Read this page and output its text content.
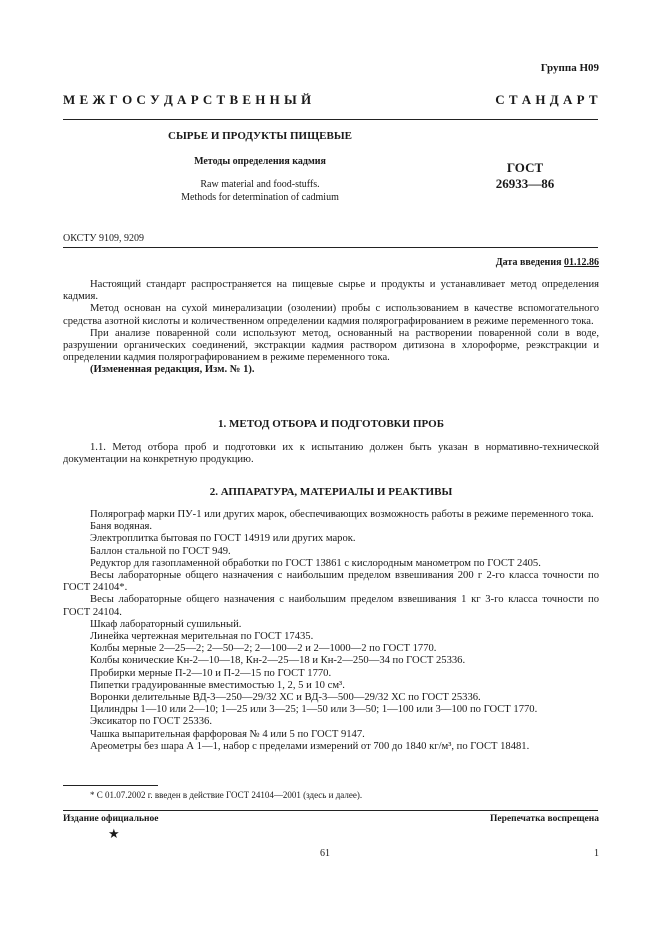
Группа Н09
М Е Ж Г О С У Д А Р С Т В Е Н Н Ы Й	С Т А Н Д А Р Т
СЫРЬЕ И ПРОДУКТЫ ПИЩЕВЫЕ
Методы определения кадмия
Raw material and food-stuffs.
Methods for determination of cadmium
ГОСТ
26933—86
ОКСТУ 9109, 9209
Дата введения 01.12.86

Настоящий стандарт распространяется на пищевые сырье и продукты и устанавливает метод определения кадмия.

Метод основан на сухой минерализации (озолении) пробы с использованием в качестве вспомогательного средства азотной кислоты и количественном определении кадмия полярографированием в режиме переменного тока.

При анализе поваренной соли используют метод, основанный на растворении поваренной соли в воде, разрушении органических соединений, экстракции кадмия раствором дитизона в хлороформе, реэкстракции и определении кадмия полярографированием в режиме переменного тока.

(Измененная редакция, Изм. № 1).

1. МЕТОД ОТБОРА И ПОДГОТОВКИ ПРОБ

1.1. Метод отбора проб и подготовки их к испытанию должен быть указан в нормативно-технической документации на конкретную продукцию.

2. АППАРАТУРА, МАТЕРИАЛЫ И РЕАКТИВЫ

Полярограф марки ПУ-1 или других марок, обеспечивающих возможность работы в режиме переменного тока.

Баня водяная.

Электроплитка бытовая по ГОСТ 14919 или других марок.

Баллон стальной по ГОСТ 949.

Редуктор для газопламенной обработки по ГОСТ 13861 с кислородным манометром по ГОСТ 2405.

Весы лабораторные общего назначения с наибольшим пределом взвешивания 200 г 2-го класса точности по ГОСТ 24104*.

Весы лабораторные общего назначения с наибольшим пределом взвешивания 1 кг 3-го класса точности по ГОСТ 24104.

Шкаф лабораторный сушильный.

Линейка чертежная мерительная по ГОСТ 17435.

Колбы мерные 2—25—2; 2—50—2; 2—100—2 и 2—1000—2 по ГОСТ 1770.

Колбы конические Кн-2—10—18, Кн-2—25—18 и Кн-2—250—34 по ГОСТ 25336.

Пробирки мерные П-2—10 и П-2—15 по ГОСТ 1770.

Пипетки градуированные вместимостью 1, 2, 5 и 10 см³.

Воронки делительные ВД-3—250—29/32 ХС и ВД-3—500—29/32 ХС по ГОСТ 25336.

Цилиндры 1—10 или 2—10; 1—25 или 3—25; 1—50 или 3—50; 1—100 или 3—100 по ГОСТ 1770.

Эксикатор по ГОСТ 25336.

Чашка выпарительная фарфоровая № 4 или 5 по ГОСТ 9147.

Ареометры без шара А 1—1, набор с пределами измерений от 700 до 1840 кг/м³, по ГОСТ 18481.

* С 01.07.2002 г. введен в действие ГОСТ 24104—2001 (здесь и далее).
Издание официальное
★
Перепечатка воспрещена
61	1
